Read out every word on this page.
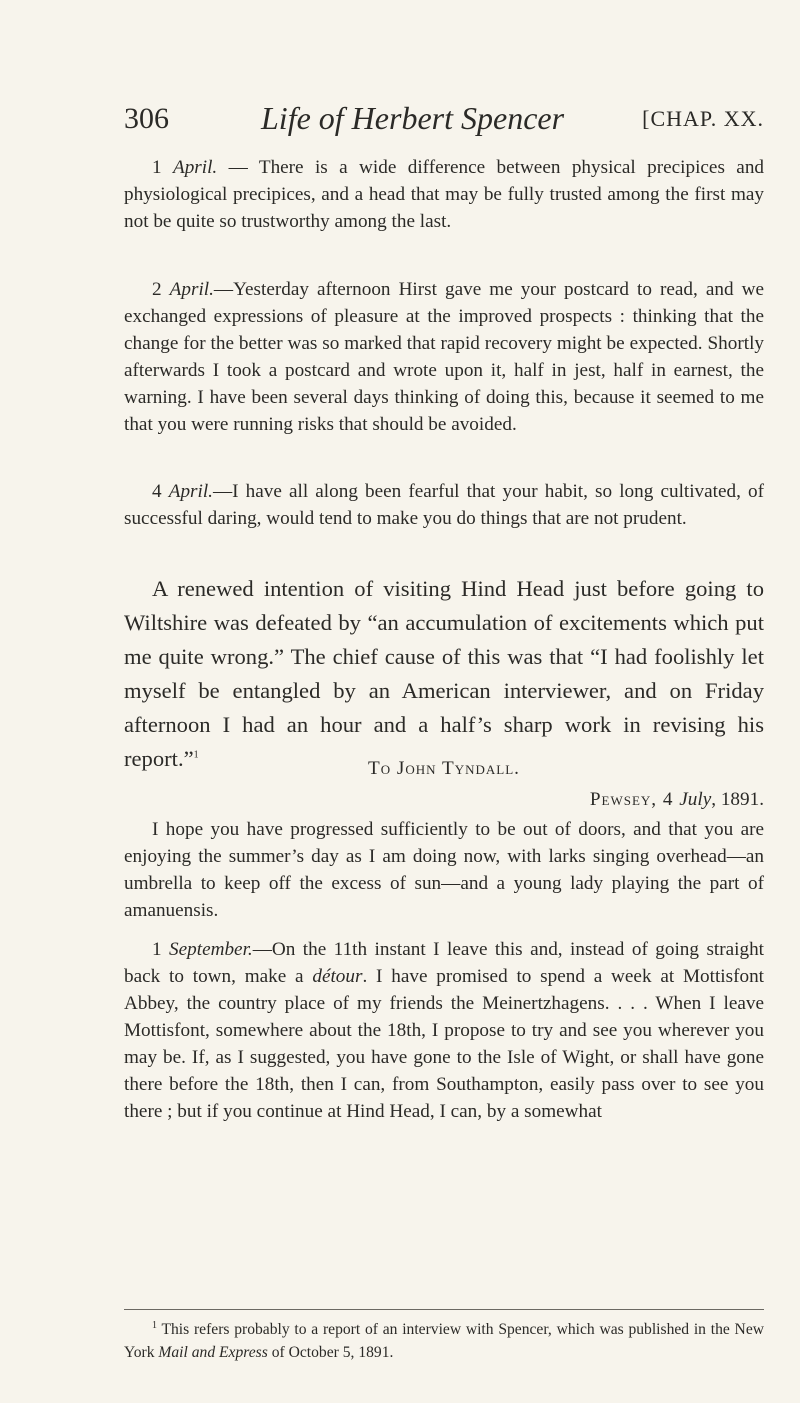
306	Life of Herbert Spencer	[CHAP. XX.

1 April. — There is a wide difference between physical precipices and physiological precipices, and a head that may be fully trusted among the first may not be quite so trustworthy among the last.

2 April.—Yesterday afternoon Hirst gave me your postcard to read, and we exchanged expressions of pleasure at the improved prospects : thinking that the change for the better was so marked that rapid recovery might be expected. Shortly afterwards I took a postcard and wrote upon it, half in jest, half in earnest, the warning. I have been several days thinking of doing this, because it seemed to me that you were running risks that should be avoided.

4 April.—I have all along been fearful that your habit, so long cultivated, of successful daring, would tend to make you do things that are not prudent.

A renewed intention of visiting Hind Head just before going to Wiltshire was defeated by “an accumulation of excitements which put me quite wrong.” The chief cause of this was that “I had foolishly let myself be entangled by an American interviewer, and on Friday afternoon I had an hour and a half’s sharp work in revising his report.”$^1$

To John Tyndall.
Pewsey, 4 July, 1891.

I hope you have progressed sufficiently to be out of doors, and that you are enjoying the summer’s day as I am doing now, with larks singing overhead—an umbrella to keep off the excess of sun—and a young lady playing the part of amanuensis.

1 September.—On the 11th instant I leave this and, instead of going straight back to town, make a détour. I have promised to spend a week at Mottisfont Abbey, the country place of my friends the Meinertzhagens. . . . When I leave Mottisfont, somewhere about the 18th, I propose to try and see you wherever you may be. If, as I suggested, you have gone to the Isle of Wight, or shall have gone there before the 18th, then I can, from Southampton, easily pass over to see you there ; but if you continue at Hind Head, I can, by a somewhat

$^1$ This refers probably to a report of an interview with Spencer, which was published in the New York Mail and Express of October 5, 1891.
